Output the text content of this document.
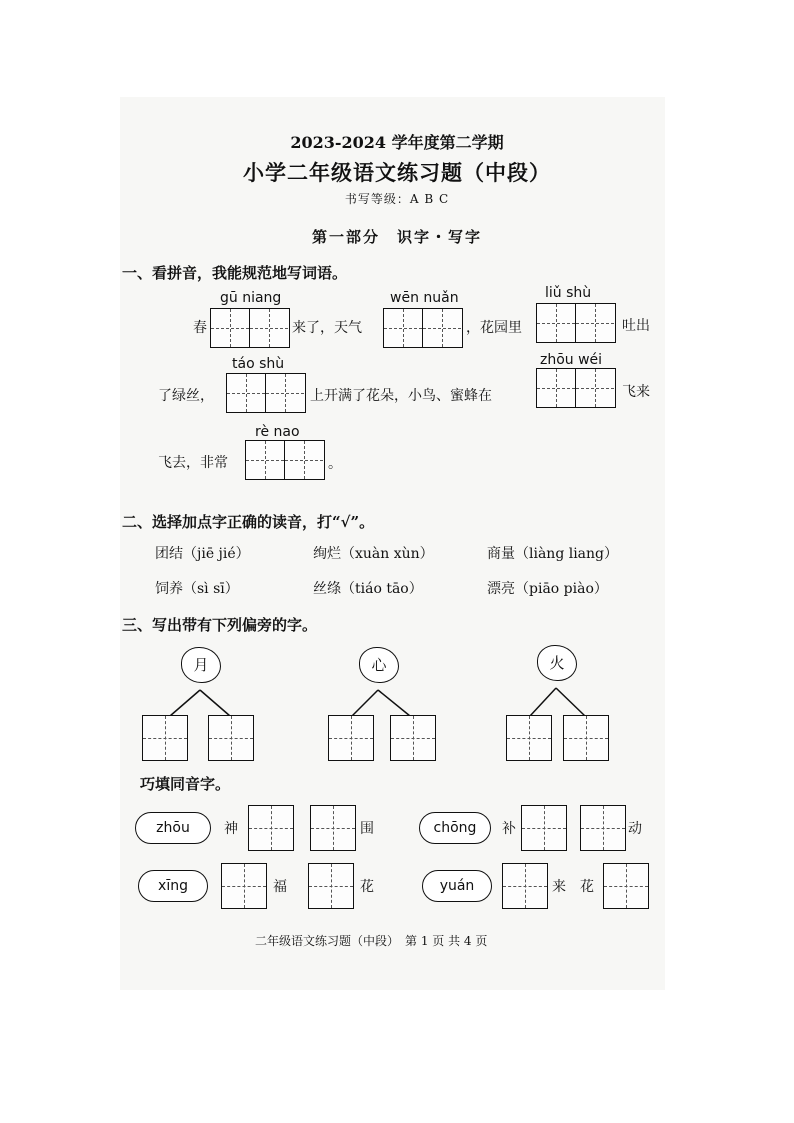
2023-2024 学年度第二学期
小学二年级语文练习题（中段）
书写等级：A B C
第一部分　识字・写字
一、看拼音，我能规范地写词语。
gū niang	wēn nuǎn	liǔ shù
春	来了，天气	，花园里	吐出
táo shù	zhōu wéi
了绿丝，	上开满了花朵，小鸟、蜜蜂在	飞来
rè nao
飞去，非常	。
二、选择加点字正确的读音，打“√”。
团结（jiē jié）	绚烂（xuàn xùn）	商量（liàng liang）
饲养（sì sī）	丝绦（tiáo tāo）	漂亮（piāo piào）
三、写出带有下列偏旁的字。
月	心	火
巧填同音字。
zhōu	神	围	chōng	补	动
xīng	福	花	yuán	来 花
二年级语文练习题（中段）　第 1 页 共 4 页
